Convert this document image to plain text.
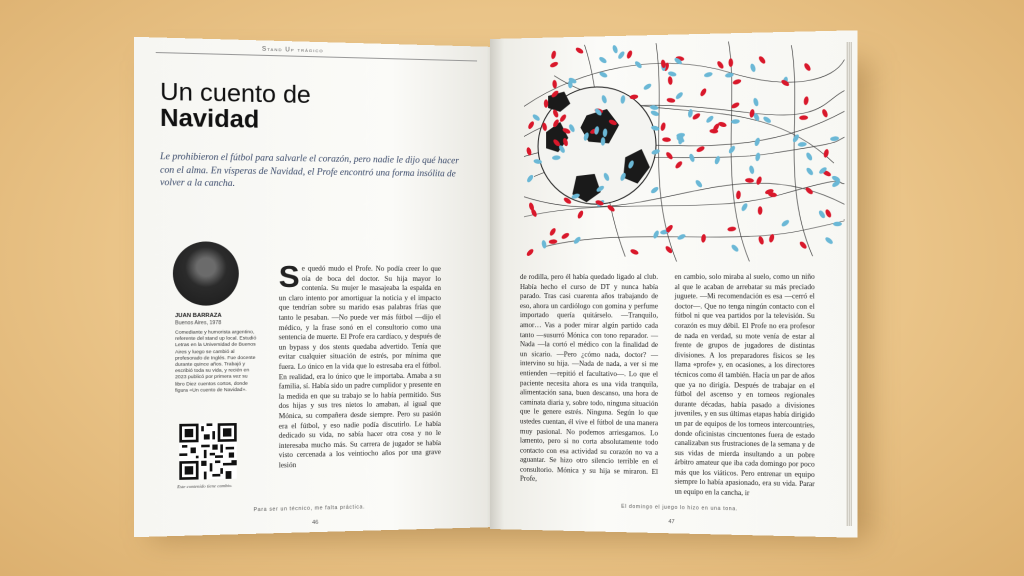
Stand Up trágico
Un cuento de
Navidad
Le prohibieron el fútbol para salvarle el corazón, pero nadie le dijo qué hacer con el alma. En vísperas de Navidad, el Profe encontró una forma insólita de volver a la cancha.
JUAN BARRAZA
Buenos Aires, 1978
Comediante y humorista argentino, referente del stand up local. Estudió Letras en la Universidad de Buenos Aires y luego se cambió al profesorado de Inglés. Fue docente durante quince años. Trabajó y escribió toda su vida, y recién en 2023 publicó por primera vez su libro Diez cuentos cortos, donde figura «Un cuento de Navidad».
Este contenido tiene cambio.
Se quedó mudo el Profe. No podía creer lo que oía de boca del doctor. Su hija mayor lo contenía. Su mujer le masajeaba la espalda en un claro intento por amortiguar la noticia y el impacto que tendrían sobre su marido esas palabras frías que tanto le pesaban. —No puede ver más fútbol —dijo el médico, y la frase sonó en el consultorio como una sentencia de muerte. El Profe era cardíaco, y después de un bypass y dos stents quedaba advertido. Tenía que evitar cualquier situación de estrés, por mínima que fuera. Lo único en la vida que lo estresaba era el fútbol. En realidad, era lo único que le importaba. Amaba a su familia, sí. Había sido un padre cumplidor y presente en la medida en que su trabajo se lo había permitido. Sus dos hijas y sus tres nietos lo amaban, al igual que Mónica, su compañera desde siempre. Pero su pasión era el fútbol, y eso nadie podía discutirlo. Le había dedicado su vida, no sabía hacer otra cosa y no le interesaba mucho más. Su carrera de jugador se había visto cercenada a los veintiocho años por una grave lesión
Para ser un técnico, me falta práctica.
46
de rodilla, pero él había quedado ligado al club. Había hecho el curso de DT y nunca había parado. Tras casi cuarenta años trabajando de eso, ahora un cardiólogo con gomina y perfume importado quería quitárselo. —Tranquilo, amor… Vas a poder mirar algún partido cada tanto —susurró Mónica con tono reparador. —Nada —la cortó el médico con la finalidad de un sicario. —Pero ¿cómo nada, doctor? —intervino su hija. —Nada de nada, a ver si me entienden —repitió el facultativo—. Lo que el paciente necesita ahora es una vida tranquila, alimentación sana, buen descanso, una hora de caminata diaria y, sobre todo, ninguna situación que le genere estrés. Ninguna. Según lo que ustedes cuentan, él vive el fútbol de una manera muy pasional. No podemos arriesgarnos. Lo lamento, pero si no corta absolutamente todo contacto con esa actividad su corazón no va a aguantar. Se hizo otro silencio terrible en el consultorio. Mónica y su hija se miraron. El Profe,
en cambio, solo miraba al suelo, como un niño al que le acaban de arrebatar su más preciado juguete. —Mi recomendación es esa —cerró el doctor—. Que no tenga ningún contacto con el fútbol ni que vea partidos por la televisión. Su corazón es muy débil. El Profe no era profesor de nada en verdad, su mote venía de estar al frente de grupos de jugadores de distintas divisiones. A los preparadores físicos se les llama «profe» y, en ocasiones, a los directores técnicos como él también. Hacía un par de años que ya no dirigía. Después de trabajar en el fútbol del ascenso y en torneos regionales durante décadas, había pasado a divisiones juveniles, y en sus últimas etapas había dirigido un par de equipos de los torneos intercountries, donde oficinistas cincuentones fuera de estado canalizaban sus frustraciones de la semana y de sus vidas de mierda insultando a un pobre árbitro amateur que iba cada domingo por poco más que los viáticos. Pero entrenar un equipo siempre lo había apasionado, era su vida. Parar un equipo en la cancha, ir
El domingo el juego lo hizo en una tona.
47
